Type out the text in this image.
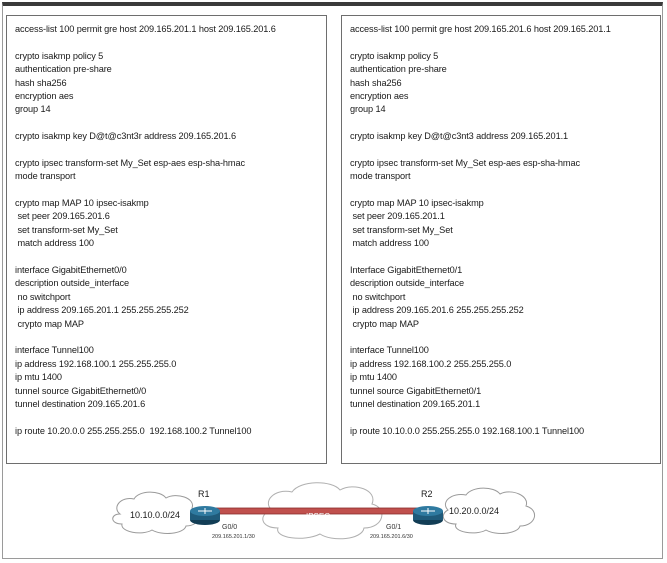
access-list 100 permit gre host 209.165.201.1 host 209.165.201.6
crypto isakmp policy 5
authentication pre-share
hash sha256
encryption aes
group 14
crypto isakmp key D@t@c3nt3r address 209.165.201.6
crypto ipsec transform-set My_Set esp-aes esp-sha-hmac
mode transport
crypto map MAP 10 ipsec-isakmp
set peer 209.165.201.6
set transform-set My_Set
match address 100
interface GigabitEthernet0/0
description outside_interface
no switchport
ip address 209.165.201.1 255.255.255.252
crypto map MAP
interface Tunnel100
ip address 192.168.100.1 255.255.255.0
ip mtu 1400
tunnel source GigabitEthernet0/0
tunnel destination 209.165.201.6
ip route 10.20.0.0 255.255.255.0  192.168.100.2 Tunnel100
access-list 100 permit gre host 209.165.201.6 host 209.165.201.1
crypto isakmp policy 5
authentication pre-share
hash sha256
encryption aes
group 14
crypto isakmp key D@t@c3nt3 address 209.165.201.1
crypto ipsec transform-set My_Set esp-aes esp-sha-hmac
mode transport
crypto map MAP 10 ipsec-isakmp
set peer 209.165.201.1
set transform-set My_Set
match address 100
Interface GigabitEthernet0/1
description outside_interface
no switchport
ip address 209.165.201.6 255.255.255.252
crypto map MAP
interface Tunnel100
ip address 192.168.100.2 255.255.255.0
ip mtu 1400
tunnel source GigabitEthernet0/1
tunnel destination 209.165.201.1
ip route 10.10.0.0 255.255.255.0 192.168.100.1 Tunnel100
10.10.0.0/24	10.20.0.0/24
IPSEC
R1
G0/0
209.165.201.1/30
R2
G0/1
209.165.201.6/30
